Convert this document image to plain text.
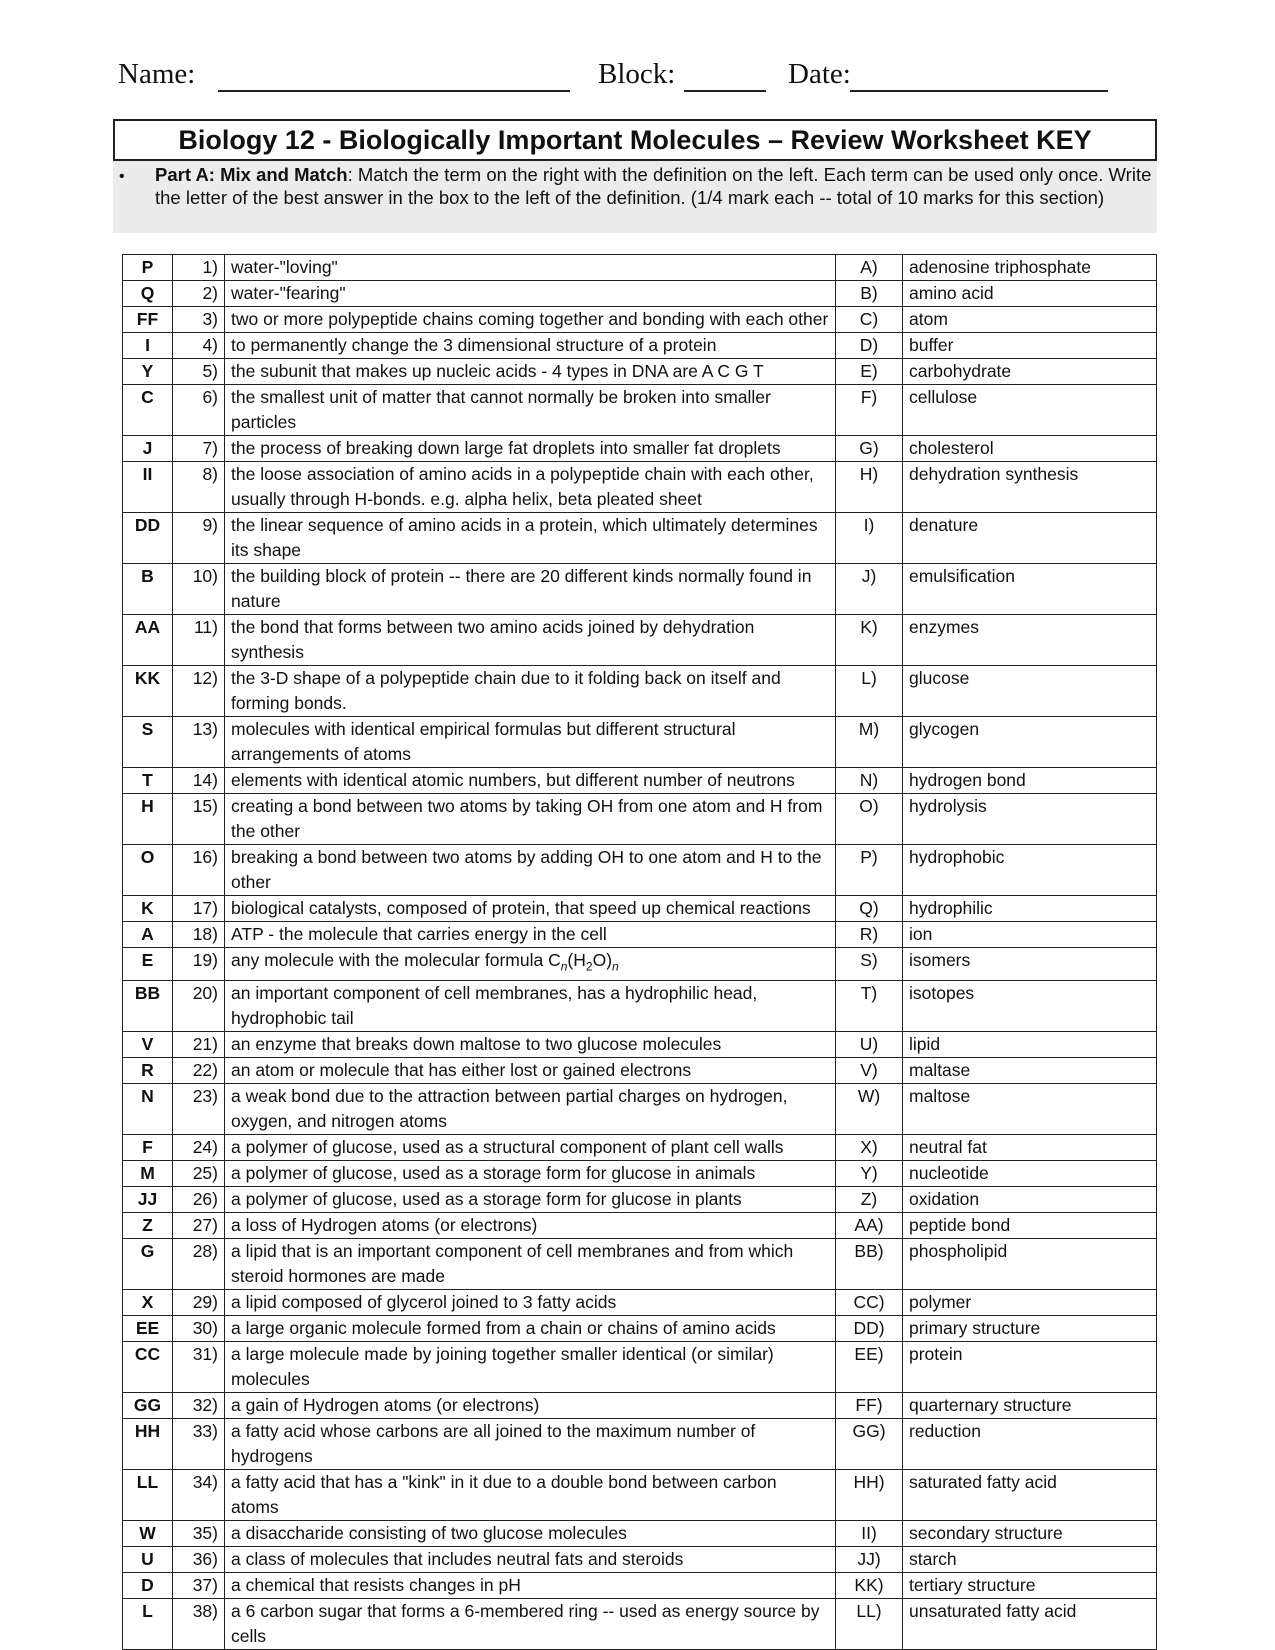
Name:	Block:	Date:
Biology 12 - Biologically Important Molecules – Review Worksheet KEY
• Part A: Mix and Match: Match the term on the right with the definition on the left. Each term can be used only once. Write the letter of the best answer in the box to the left of the definition. (1/4 mark each -- total of 10 marks for this section)
P	1)	water-"loving"	A)	adenosine triphosphate
Q	2)	water-"fearing"	B)	amino acid
FF	3)	two or more polypeptide chains coming together and bonding with each other	C)	atom
I	4)	to permanently change the 3 dimensional structure of a protein	D)	buffer
Y	5)	the subunit that makes up nucleic acids - 4 types in DNA are A C G T	E)	carbohydrate
C	6)	the smallest unit of matter that cannot normally be broken into smaller particles	F)	cellulose
J	7)	the process of breaking down large fat droplets into smaller fat droplets	G)	cholesterol
II	8)	the loose association of amino acids in a polypeptide chain with each other, usually through H-bonds. e.g. alpha helix, beta pleated sheet	H)	dehydration synthesis
DD	9)	the linear sequence of amino acids in a protein, which ultimately determines its shape	I)	denature
B	10)	the building block of protein -- there are 20 different kinds normally found in nature	J)	emulsification
AA	11)	the bond that forms between two amino acids joined by dehydration synthesis	K)	enzymes
KK	12)	the 3-D shape of a polypeptide chain due to it folding back on itself and forming bonds.	L)	glucose
S	13)	molecules with identical empirical formulas but different structural arrangements of atoms	M)	glycogen
T	14)	elements with identical atomic numbers, but different number of neutrons	N)	hydrogen bond
H	15)	creating a bond between two atoms by taking OH from one atom and H from the other	O)	hydrolysis
O	16)	breaking a bond between two atoms by adding OH to one atom and H to the other	P)	hydrophobic
K	17)	biological catalysts, composed of protein, that speed up chemical reactions	Q)	hydrophilic
A	18)	ATP - the molecule that carries energy in the cell	R)	ion
E	19)	any molecule with the molecular formula $C_n(H_2O)_n$	S)	isomers
BB	20)	an important component of cell membranes, has a hydrophilic head, hydrophobic tail	T)	isotopes
V	21)	an enzyme that breaks down maltose to two glucose molecules	U)	lipid
R	22)	an atom or molecule that has either lost or gained electrons	V)	maltase
N	23)	a weak bond due to the attraction between partial charges on hydrogen, oxygen, and nitrogen atoms	W)	maltose
F	24)	a polymer of glucose, used as a structural component of plant cell walls	X)	neutral fat
M	25)	a polymer of glucose, used as a storage form for glucose in animals	Y)	nucleotide
JJ	26)	a polymer of glucose, used as a storage form for glucose in plants	Z)	oxidation
Z	27)	a loss of Hydrogen atoms (or electrons)	AA)	peptide bond
G	28)	a lipid that is an important component of cell membranes and from which steroid hormones are made	BB)	phospholipid
X	29)	a lipid composed of glycerol joined to 3 fatty acids	CC)	polymer
EE	30)	a large organic molecule formed from a chain or chains of amino acids	DD)	primary structure
CC	31)	a large molecule made by joining together smaller identical (or similar) molecules	EE)	protein
GG	32)	a gain of Hydrogen atoms (or electrons)	FF)	quarternary structure
HH	33)	a fatty acid whose carbons are all joined to the maximum number of hydrogens	GG)	reduction
LL	34)	a fatty acid that has a "kink" in it due to a double bond between carbon atoms	HH)	saturated fatty acid
W	35)	a disaccharide consisting of two glucose molecules	II)	secondary structure
U	36)	a class of molecules that includes neutral fats and steroids	JJ)	starch
D	37)	a chemical that resists changes in pH	KK)	tertiary structure
L	38)	a 6 carbon sugar that forms a 6-membered ring -- used as energy source by cells	LL)	unsaturated fatty acid
